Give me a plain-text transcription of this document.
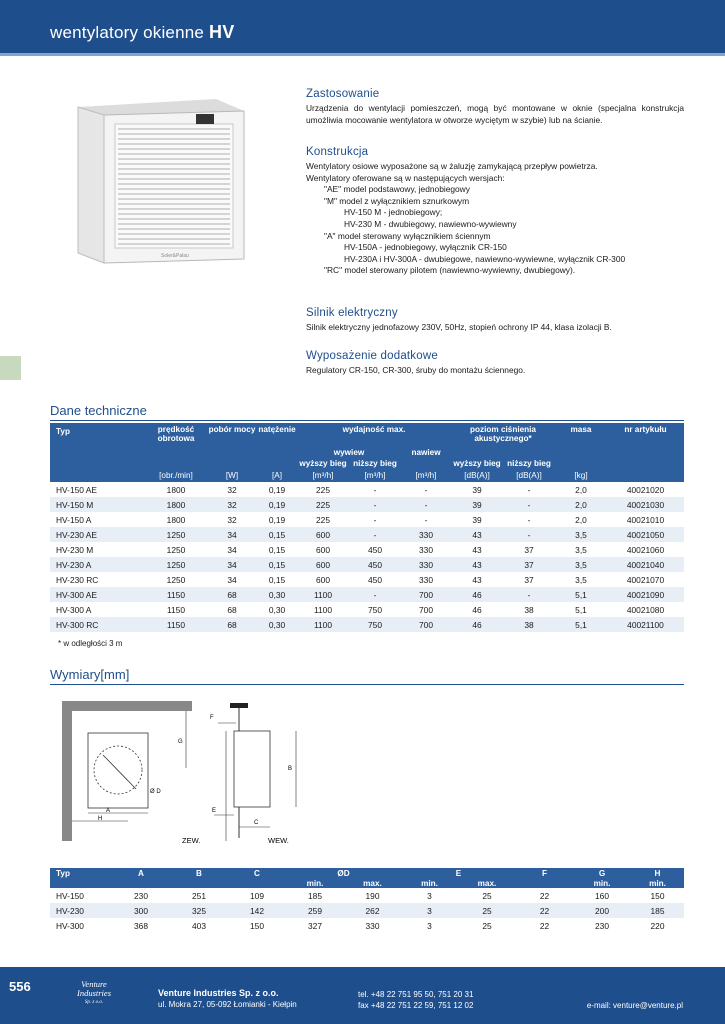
wentylatory okienne HV
Soler&Palau
Zastosowanie

Urządzenia do wentylacji pomieszczeń, mogą być montowane w oknie (specjalna konstrukcja umożliwia mocowanie wentylatora w otworze wyciętym w szybie) lub na ścianie.

Konstrukcja
Wentylatory osiowe wyposażone są w żaluzję zamykającą przepływ powietrza.
Wentylatory oferowane są w następujących wersjach:
"AE" model podstawowy, jednobiegowy
"M" model z wyłącznikiem sznurkowym
HV-150 M - jednobiegowy;
HV-230 M - dwubiegowy, nawiewno-wywiewny
"A" model sterowany wyłącznikiem ściennym
HV-150A - jednobiegowy, wyłącznik CR-150
HV-230A i HV-300A - dwubiegowe, nawiewno-wywiewne, wyłącznik CR-300
"RC" model sterowany pilotem (nawiewno-wywiewny, dwubiegowy).
Silnik elektryczny

Silnik elektryczny jednofazowy 230V, 50Hz, stopień ochrony IP 44, klasa izolacji B.

Wyposażenie dodatkowe

Regulatory CR-150, CR-300, śruby do montażu ściennego.

Dane techniczne
Typ	prędkość obrotowa	pobór mocy	natężenie	wydajność max.			poziom ciśnienia akustycznego*		masa	nr artykułu
				wywiew		nawiew				
				wyższy bieg	niższy bieg		wyższy bieg	niższy bieg		
	[obr./min]	[W]	[A]	[m³/h]	[m³/h]	[m³/h]	[dB(A)]	[dB(A)]	[kg]	
HV-150 AE	1800	32	0,19	225	-	-	39	-	2,0	40021020
HV-150 M	1800	32	0,19	225	-	-	39	-	2,0	40021030
HV-150 A	1800	32	0,19	225	-	-	39	-	2,0	40021010
HV-230 AE	1250	34	0,15	600	-	330	43	-	3,5	40021050
HV-230 M	1250	34	0,15	600	450	330	43	37	3,5	40021060
HV-230 A	1250	34	0,15	600	450	330	43	37	3,5	40021040
HV-230 RC	1250	34	0,15	600	450	330	43	37	3,5	40021070
HV-300 AE	1150	68	0,30	1100	-	700	46	-	5,1	40021090
HV-300 A	1150	68	0,30	1100	750	700	46	38	5,1	40021080
HV-300 RC	1150	68	0,30	1100	750	700	46	38	5,1	40021100
* w odległości 3 m
Wymiary[mm]
Ø D
A
H
G
B
F
E
C
ZEW.	WEW.
Typ	A	B	C	ØD		E		F	G	H
				min.	max.	min.	max.		min.	min.
HV-150	230	251	109	185	190	3	25	22	160	150
HV-230	300	325	142	259	262	3	25	22	200	185
HV-300	368	403	150	327	330	3	25	22	230	220
556	Venture
Industries
Sp. z o.o.
Venture Industries Sp. z o.o.
ul. Mokra 27, 05-092 Łomianki - Kiełpin
tel. +48 22 751 95 50, 751 20 31
fax +48 22 751 22 59, 751 12 02	e-mail: venture@venture.pl
